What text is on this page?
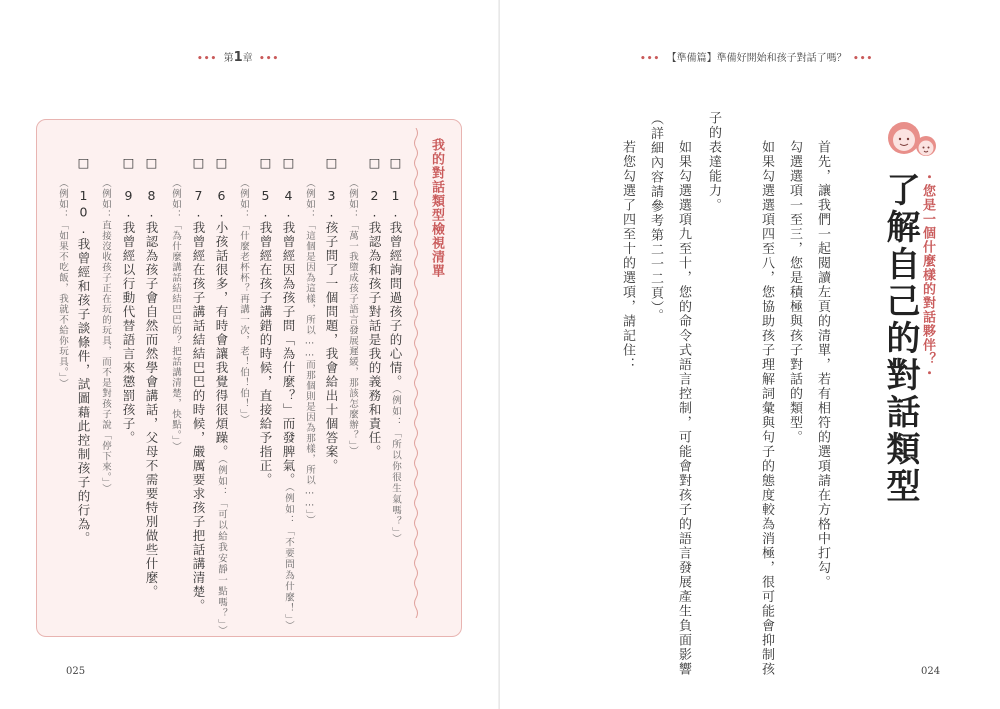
••• 第1章 •••
我的對話類型檢視清單
□ 1.我曾經詢問過孩子的心情。（例如：「所以你很生氣嗎？」）
□ 2.我認為和孩子對話是我的義務和責任。
（例如：「萬一我墮成孩子語言發展遲緩，那該怎麼辦？」）
□ 3.孩子問了一個問題，我會給出十個答案。
（例如：「這個是因為這樣，所以……而那個則是因為那樣，所以……」）
□ 4.我曾經因為孩子問「為什麼？」而發脾氣。（例如：「不要問為什麼！」）
□ 5.我曾經在孩子講錯的時候，直接給予指正。
（例如：「什麼老杯杯？再講一次，老！伯！伯！」）
□ 6.小孩話很多，有時會讓我覺得很煩躁。（例如：「可以給我安靜一點嗎？」）
□ 7.我曾經在孩子講話結結巴巴的時候，嚴厲要求孩子把話講清楚。
（例如：「為什麼講話結結巴巴的？把話講清楚，快點。」）
□ 8.我認為孩子會自然而然學會講話，父母不需要特別做些什麼。
□ 9.我曾經以行動代替語言來懲罰孩子。
（例如：直接沒收孩子正在玩的玩具，而不是對孩子說「停下來。」）
□ 10.我曾經和孩子談條件，試圖藉此控制孩子的行為。
（例如：「如果不吃飯，我就不給你玩具。」）
025
••• 【準備篇】準備好開始和孩子對話了嗎？ •••
・您是一個什麼樣的對話夥伴？・
了解自己的對話類型
首先，讓我們一起閱讀左頁的清單，若有相符的選項請在方格中打勾。
勾選選項一至三，您是積極與孩子對話的類型。
如果勾選選項四至八，您協助孩子理解詞彙與句子的態度較為消極，很可能會抑制孩
子的表達能力。
如果勾選選項九至十，您的命令式語言控制，可能會對孩子的語言發展產生負面影響
（詳細內容請參考第二一二頁）。
若您勾選了四至十的選項，請記住：
024
